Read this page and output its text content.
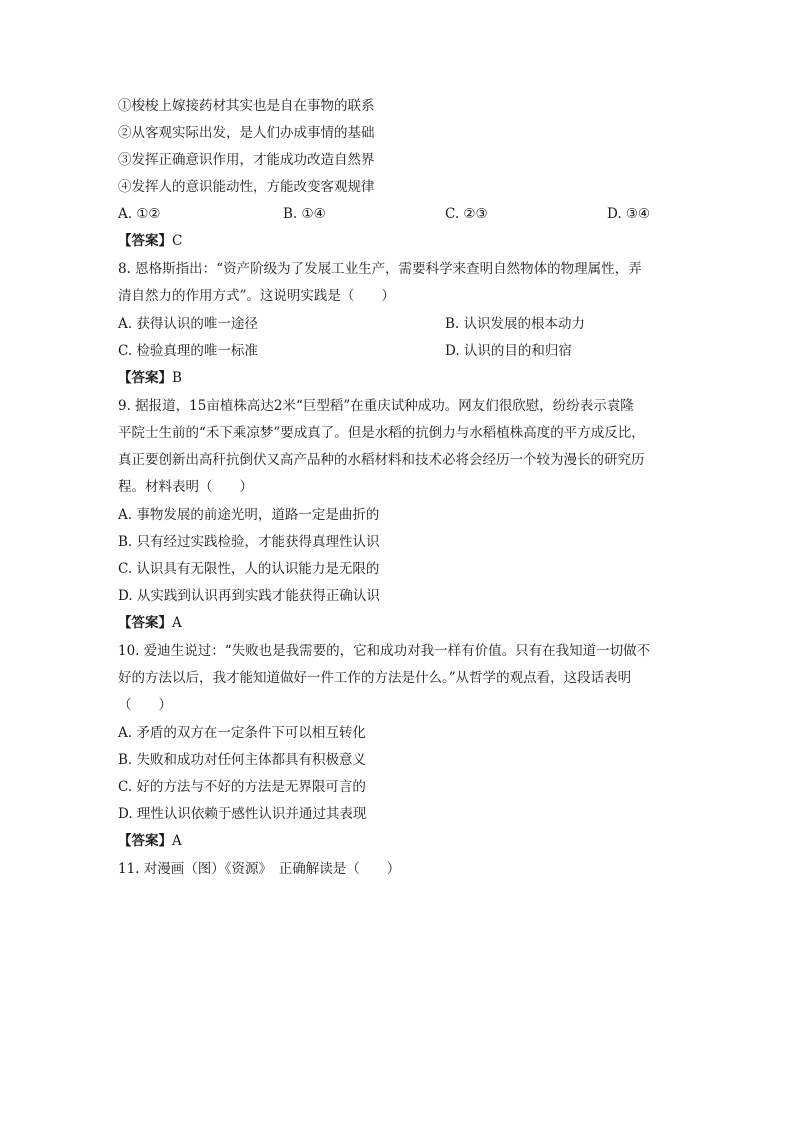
①梭梭上嫁接药材其实也是自在事物的联系
②从客观实际出发，是人们办成事情的基础
③发挥正确意识作用，才能成功改造自然界
④发挥人的意识能动性，方能改变客观规律
A. ①②	B. ①④	C. ②③	D. ③④
【答案】C
8. 恩格斯指出：“资产阶级为了发展工业生产，需要科学来查明自然物体的物理属性，弄
清自然力的作用方式”。这说明实践是（　　）
A. 获得认识的唯一途径	B. 认识发展的根本动力
C. 检验真理的唯一标准	D. 认识的目的和归宿
【答案】B
9. 据报道，15亩植株高达2米“巨型稻”在重庆试种成功。网友们很欣慰，纷纷表示袁隆
平院士生前的“禾下乘凉梦”要成真了。但是水稻的抗倒力与水稻植株高度的平方成反比，
真正要创新出高秆抗倒伏又高产品种的水稻材料和技术必将会经历一个较为漫长的研究历
程。材料表明（　　）
A. 事物发展的前途光明，道路一定是曲折的
B. 只有经过实践检验，才能获得真理性认识
C. 认识具有无限性，人的认识能力是无限的
D. 从实践到认识再到实践才能获得正确认识
【答案】A
10. 爱迪生说过：“失败也是我需要的，它和成功对我一样有价值。只有在我知道一切做不
好的方法以后，我才能知道做好一件工作的方法是什么。”从哲学的观点看，这段话表明
（　　）
A. 矛盾的双方在一定条件下可以相互转化
B. 失败和成功对任何主体都具有积极意义
C. 好的方法与不好的方法是无界限可言的
D. 理性认识依赖于感性认识并通过其表现
【答案】A
11. 对漫画（图）《资源》　正确解读是（　　）
